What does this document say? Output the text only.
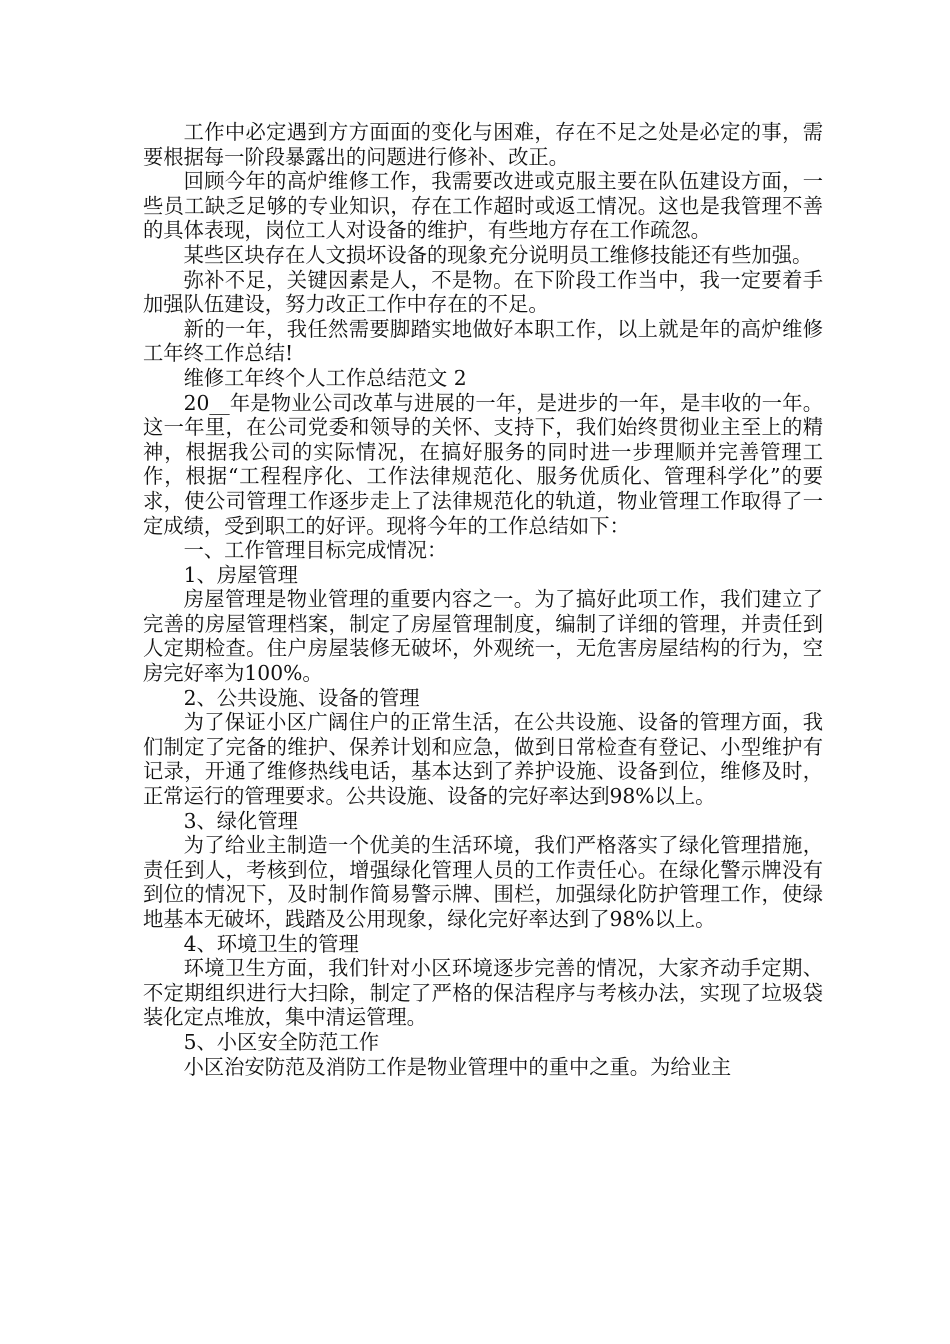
工作中必定遇到方方面面的变化与困难，存在不足之处是必定的事，需要根据每一阶段暴露出的问题进行修补、改正。

回顾今年的高炉维修工作，我需要改进或克服主要在队伍建设方面，一些员工缺乏足够的专业知识，存在工作超时或返工情况。这也是我管理不善的具体表现，岗位工人对设备的维护，有些地方存在工作疏忽。

某些区块存在人文损坏设备的现象充分说明员工维修技能还有些加强。

弥补不足，关键因素是人，不是物。在下阶段工作当中，我一定要着手加强队伍建设，努力改正工作中存在的不足。

新的一年，我任然需要脚踏实地做好本职工作，以上就是年的高炉维修工年终工作总结!

维修工年终个人工作总结范文 2

20__年是物业公司改革与进展的一年，是进步的一年，是丰收的一年。这一年里，在公司党委和领导的关怀、支持下，我们始终贯彻业主至上的精神，根据我公司的实际情况，在搞好服务的同时进一步理顺并完善管理工作，根据“工程程序化、工作法律规范化、服务优质化、管理科学化”的要求，使公司管理工作逐步走上了法律规范化的轨道，物业管理工作取得了一定成绩，受到职工的好评。现将今年的工作总结如下：

一、工作管理目标完成情况：

1、房屋管理

房屋管理是物业管理的重要内容之一。为了搞好此项工作，我们建立了完善的房屋管理档案，制定了房屋管理制度，编制了详细的管理，并责任到人定期检查。住户房屋装修无破坏，外观统一，无危害房屋结构的行为，空房完好率为100%。

2、公共设施、设备的管理

为了保证小区广阔住户的正常生活，在公共设施、设备的管理方面，我们制定了完备的维护、保养计划和应急，做到日常检查有登记、小型维护有记录，开通了维修热线电话，基本达到了养护设施、设备到位，维修及时，正常运行的管理要求。公共设施、设备的完好率达到98%以上。

3、绿化管理

为了给业主制造一个优美的生活环境，我们严格落实了绿化管理措施，责任到人，考核到位，增强绿化管理人员的工作责任心。在绿化警示牌没有到位的情况下，及时制作简易警示牌、围栏，加强绿化防护管理工作，使绿地基本无破坏，践踏及公用现象，绿化完好率达到了98%以上。

4、环境卫生的管理

环境卫生方面，我们针对小区环境逐步完善的情况，大家齐动手定期、不定期组织进行大扫除，制定了严格的保洁程序与考核办法，实现了垃圾袋装化定点堆放，集中清运管理。

5、小区安全防范工作

小区治安防范及消防工作是物业管理中的重中之重。为给业主
